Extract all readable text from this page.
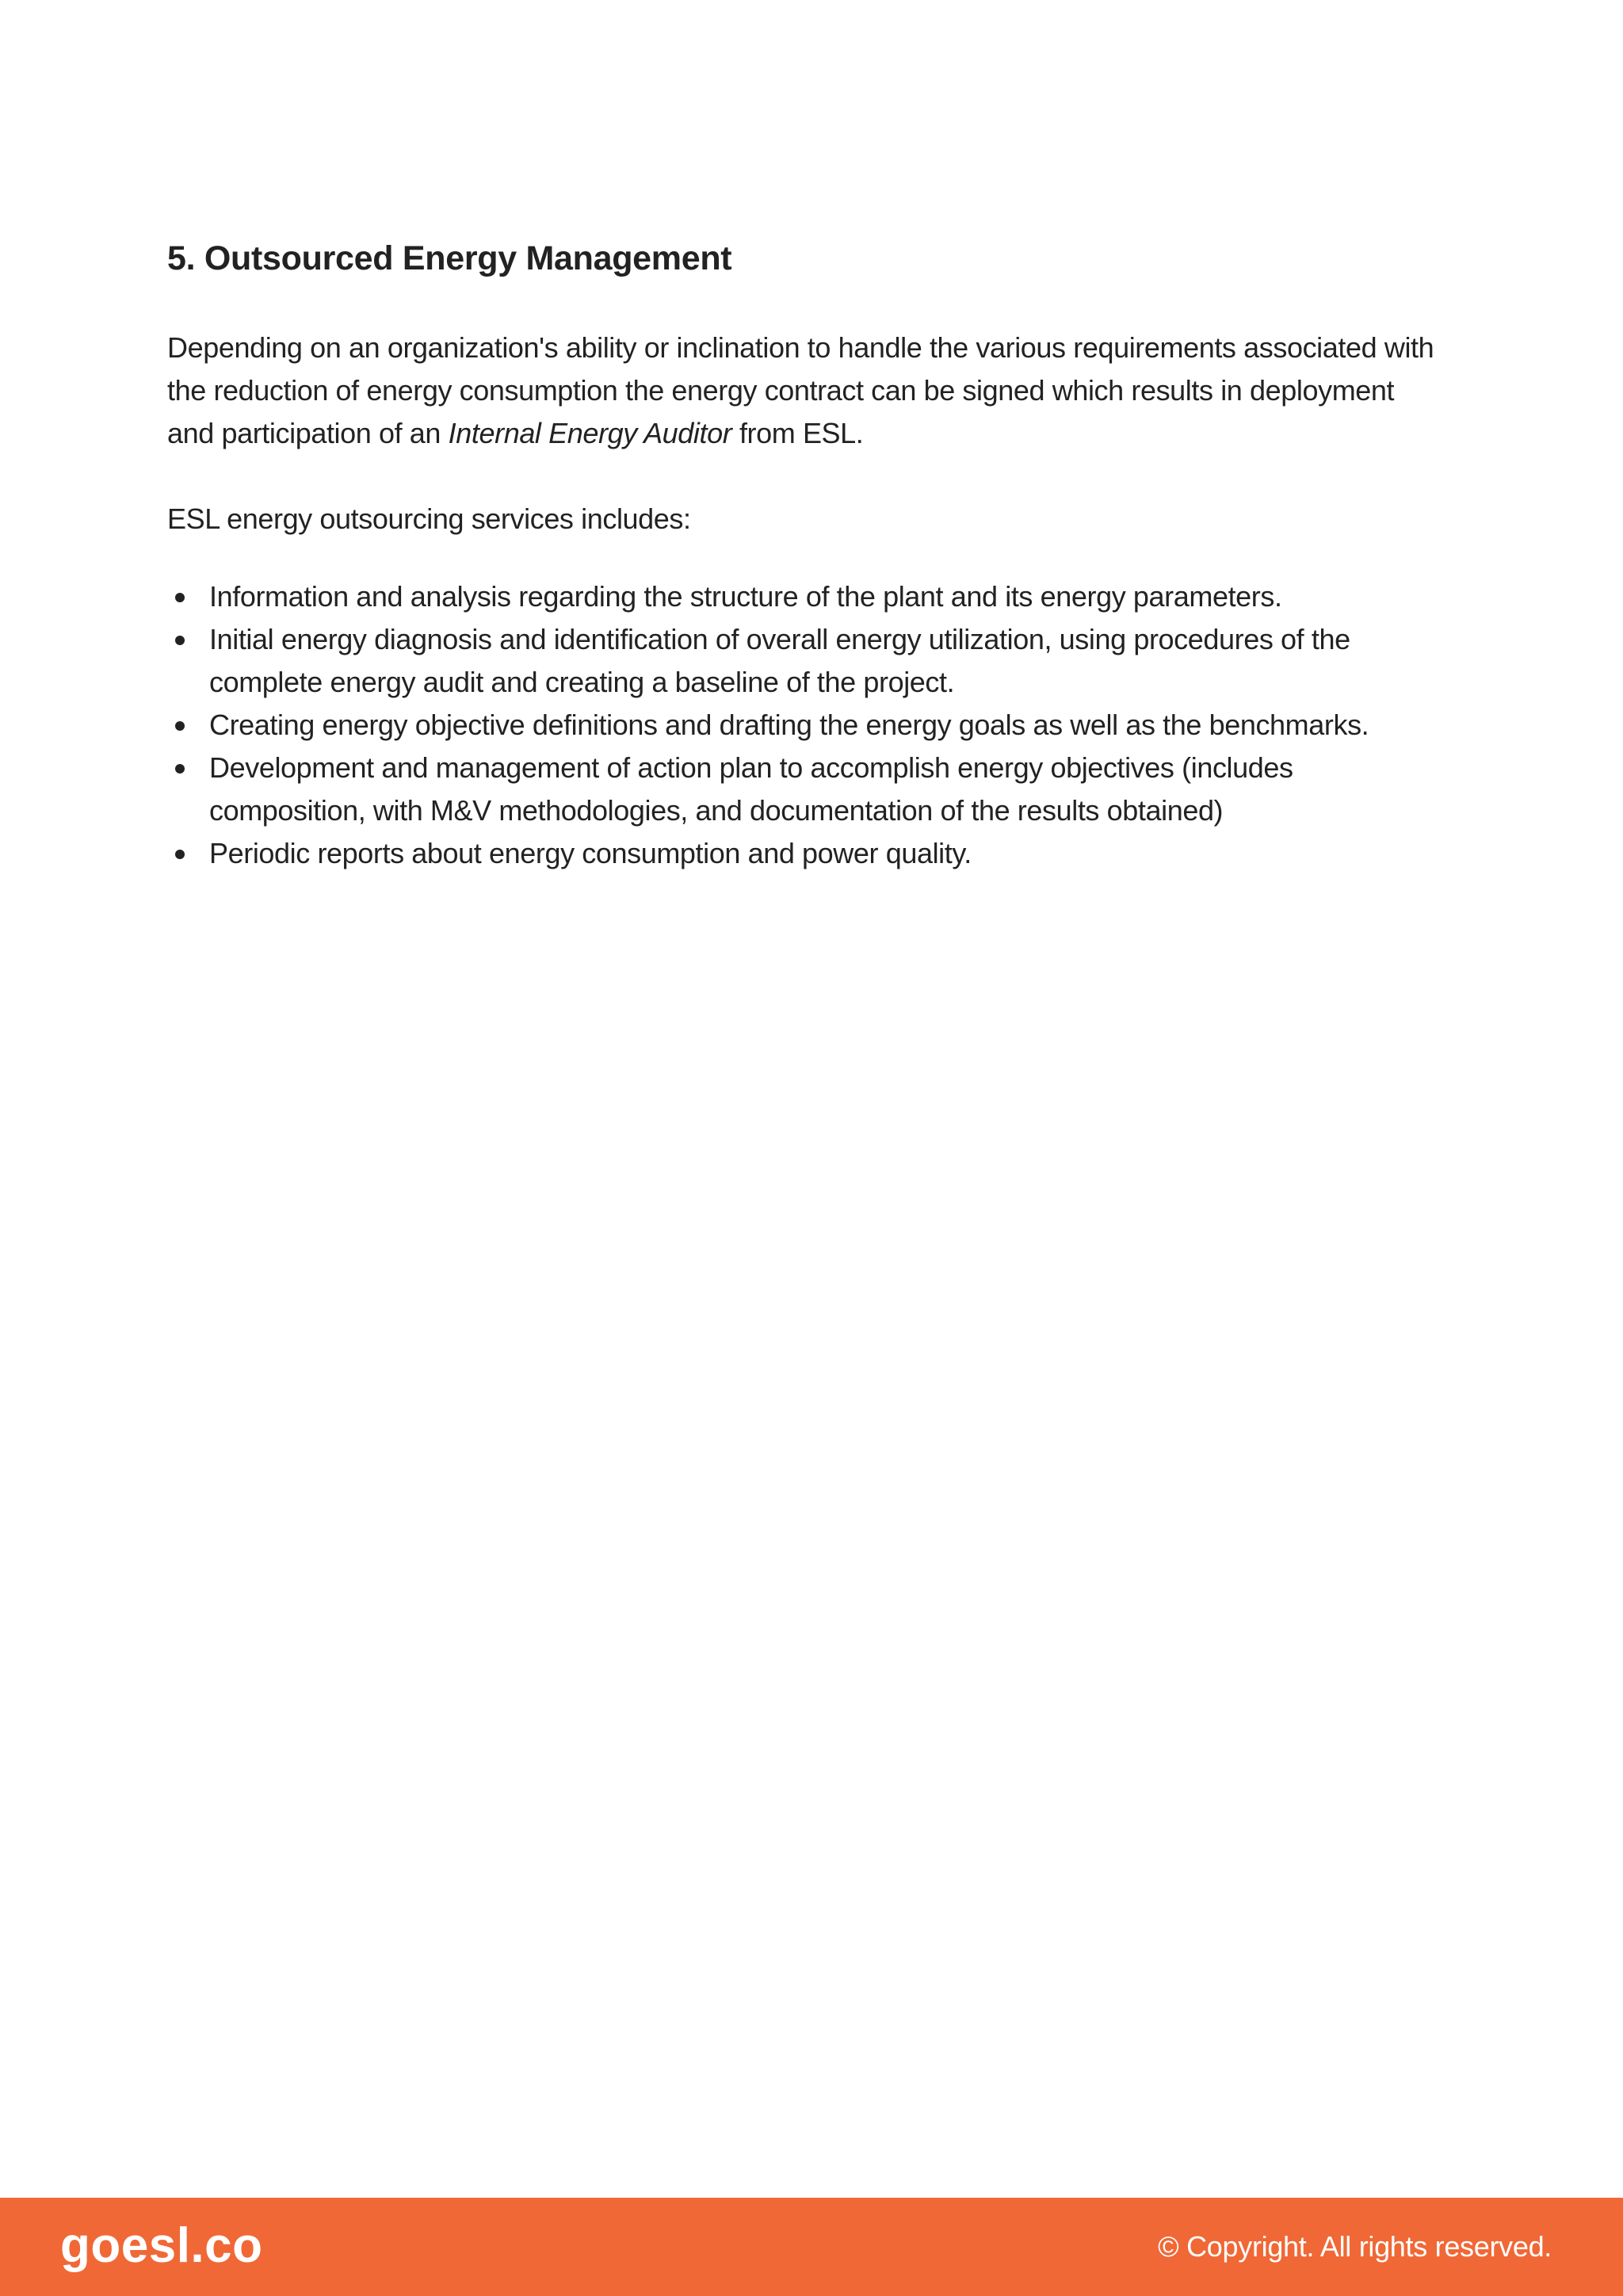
5. Outsourced Energy Management

Depending on an organization's ability or inclination to handle the various requirements associated with the reduction of energy consumption the energy contract can be signed which results in deployment and participation of an Internal Energy Auditor from ESL.

ESL energy outsourcing services includes:

Information and analysis regarding the structure of the plant and its energy parameters.
Initial energy diagnosis and identification of overall energy utilization, using procedures of the complete energy audit and creating a baseline of the project.
Creating energy objective definitions and drafting the energy goals as well as the benchmarks.
Development and management of action plan to accomplish energy objectives (includes composition, with M&V methodologies, and documentation of the results obtained)
Periodic reports about energy consumption and power quality.
goesl.co	© Copyright. All rights reserved.
